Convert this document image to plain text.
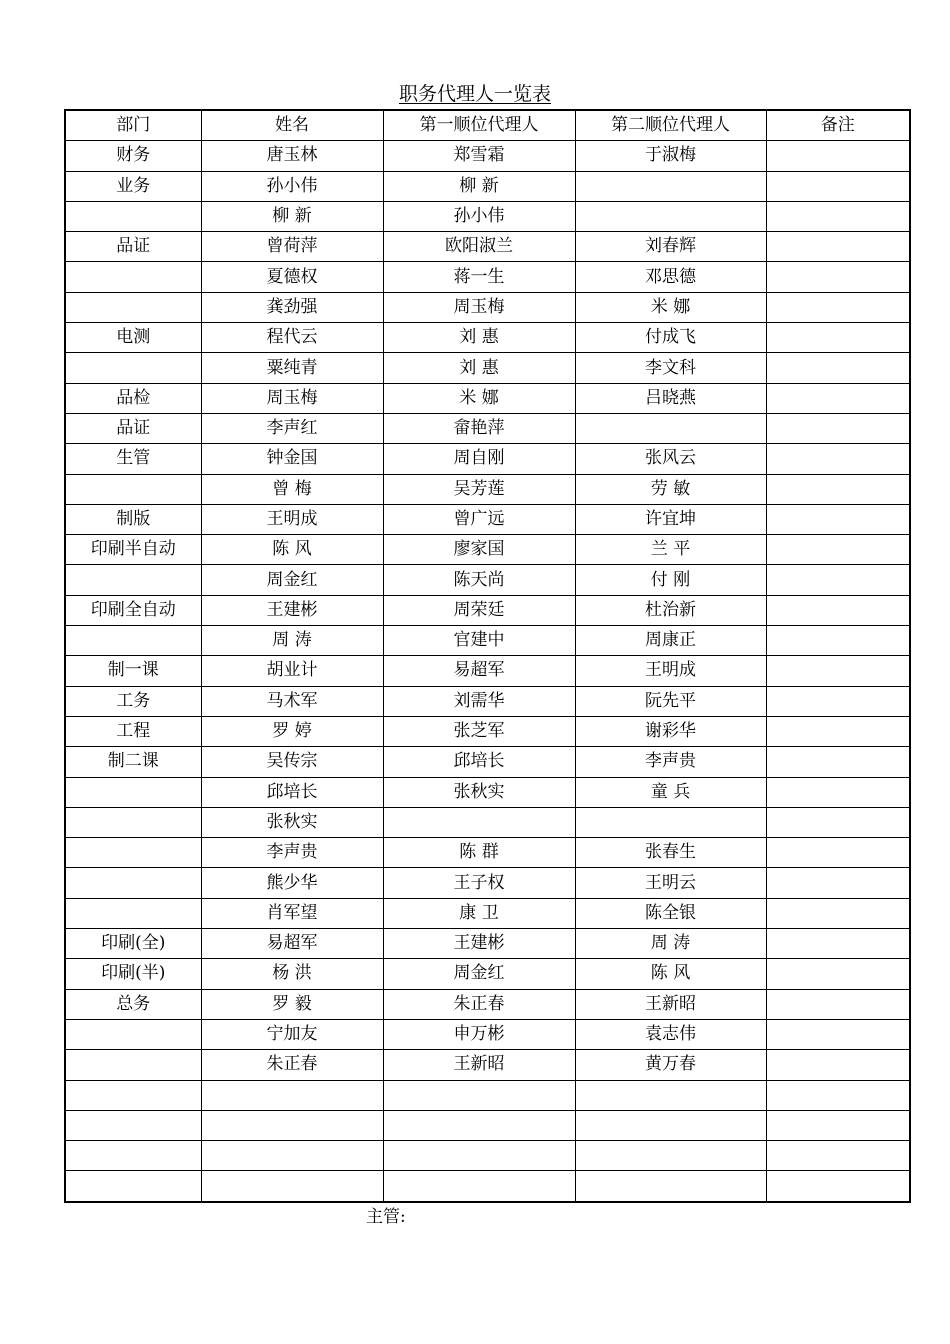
职务代理人一览表
部门	姓名	第一顺位代理人	第二顺位代理人	备注
财务	唐玉林	郑雪霜	于淑梅	
业务	孙小伟	柳 新		
	柳 新	孙小伟		
品证	曾荷萍	欧阳淑兰	刘春辉	
	夏德权	蒋一生	邓思德	
	龚劲强	周玉梅	米 娜	
电测	程代云	刘 惠	付成飞	
	粟纯青	刘 惠	李文科	
品检	周玉梅	米 娜	吕晓燕	
品证	李声红	畲艳萍		
生管	钟金国	周自刚	张风云	
	曾 梅	吴芳莲	劳 敏	
制版	王明成	曾广远	许宜坤	
印刷半自动	陈 风	廖家国	兰 平	
	周金红	陈天尚	付 刚	
印刷全自动	王建彬	周荣廷	杜治新	
	周 涛	官建中	周康正	
制一课	胡业计	易超军	王明成	
工务	马术军	刘需华	阮先平	
工程	罗 婷	张芝军	谢彩华	
制二课	吴传宗	邱培长	李声贵	
	邱培长	张秋实	童 兵	
	张秋实			
	李声贵	陈 群	张春生	
	熊少华	王子权	王明云	
	肖军望	康 卫	陈全银	
印刷(全)	易超军	王建彬	周 涛	
印刷(半)	杨 洪	周金红	陈 风	
总务	罗 毅	朱正春	王新昭	
	宁加友	申万彬	袁志伟	
	朱正春	王新昭	黄万春	

主管:
